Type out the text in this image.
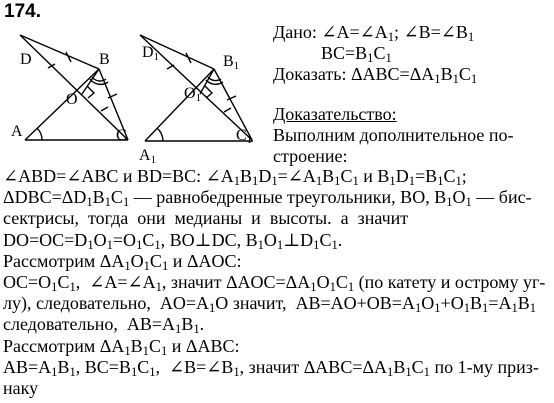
174.
D	B
O
A	C
D1	B1
O1
A1
C1
Дано: $\angle A=\angle A_1$; $\angle B=\angle B_1$
$BC=B_1C_1$
Доказать: $\Delta ABC=\Delta A_1B_1C_1$
Доказательство:
Выполним дополнительное по-
строение:
∠ABD=∠ABC и BD=BC: $\angle A_1B_1D_1=\angle A_1B_1C_1$ и $B_1D_1=B_1C_1$;
$\Delta DBC=\Delta D_1B_1C_1$ — равнобедренные треугольники, BO, $B_1O_1$ — бис-
сектрисы,  тогда  они  медианы  и  высоты.  а  значит
$DO=OC=D_1O_1=O_1C_1$, BO⊥DC, $B_1O_1\perp D_1C_1$.
Рассмотрим $\Delta A_1O_1C_1$ и ΔAOC:
$OC=O_1C_1$,  $\angle A=\angle A_1$, значит $\Delta AOC=\Delta A_1O_1C_1$ (по катету и острому уг-
лу), следовательно,  $AO=A_1O$ значит,  $AB=AO+OB=A_1O_1+O_1B_1=A_1B_1$
следовательно,  $AB=A_1B_1$.
Рассмотрим $\Delta A_1B_1C_1$ и ΔABC:
$AB=A_1B_1$, $BC=B_1C_1$,  $\angle B=\angle B_1$, значит $\Delta ABC=\Delta A_1B_1C_1$ по 1-му приз-
наку
